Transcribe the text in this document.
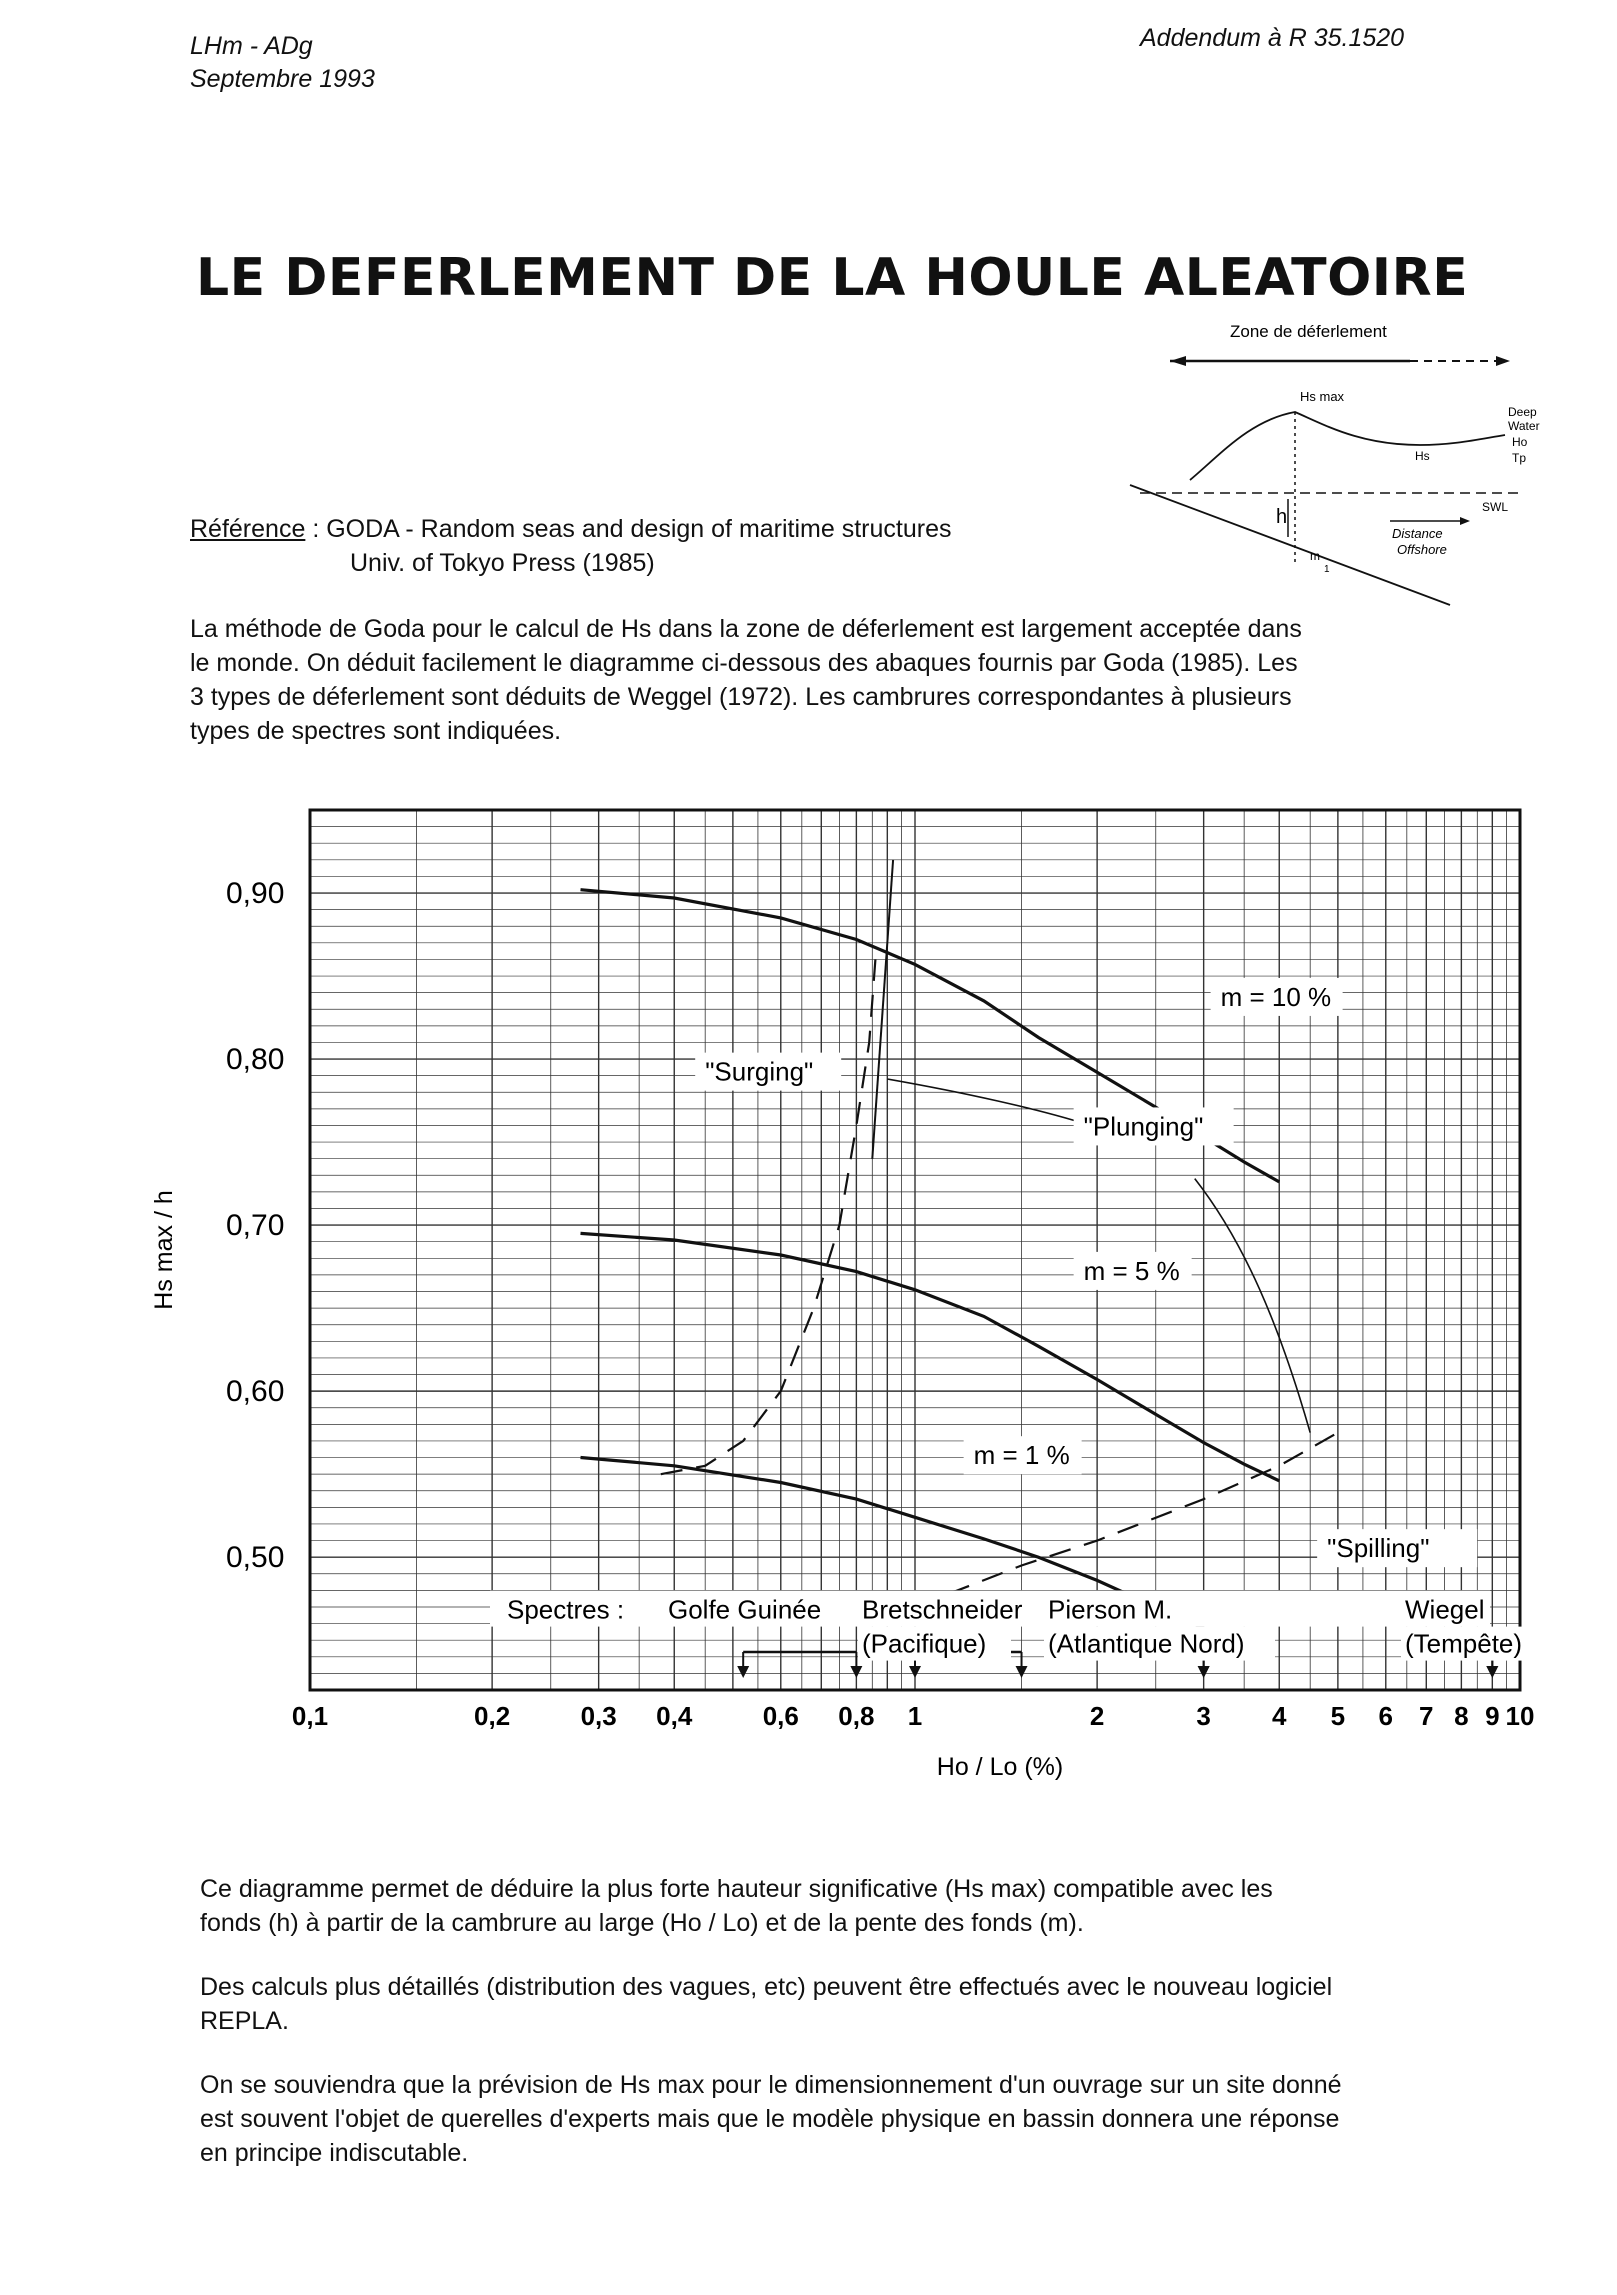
LHm - ADg
Septembre 1993
Addendum à R 35.1520
LE DEFERLEMENT DE LA HOULE ALEATOIRE
Zone de déferlement
Hs max
Hs
Deep
Water
Ho
Tp
SWL
h
m
1
Distance
Offshore
Référence : GODA - Random seas and design of maritime structures
Univ. of Tokyo Press (1985)
La méthode de Goda pour le calcul de Hs dans la zone de déferlement est largement acceptée dans
le monde. On déduit facilement le diagramme ci-dessous des abaques fournis par Goda (1985). Les
3 types de déferlement sont déduits de Weggel (1972). Les cambrures correspondantes à plusieurs
types de spectres sont indiquées.
0,90
0,80
0,70
0,60
0,50
0,1	0,2	0,3 0,4	0,6 0,8 1	2	3 4 5 6 7 8 9 10
"Surging"
"Plunging"
m = 10 %
m = 5 %
m = 1 %
"Spilling"
Spectres : Golfe Guinée Bretschneider
(Pacifique)
Pierson M.
(Atlantique Nord)
Wiegel
(Tempête)
Hs max / h
Ho / Lo (%)
Ce diagramme permet de déduire la plus forte hauteur significative (Hs max) compatible avec les
fonds (h) à partir de la cambrure au large (Ho / Lo) et de la pente des fonds (m).
Des calculs plus détaillés (distribution des vagues, etc) peuvent être effectués avec le nouveau logiciel
REPLA.
On se souviendra que la prévision de Hs max pour le dimensionnement d'un ouvrage sur un site donné
est souvent l'objet de querelles d'experts mais que le modèle physique en bassin donnera une réponse
en principe indiscutable.
